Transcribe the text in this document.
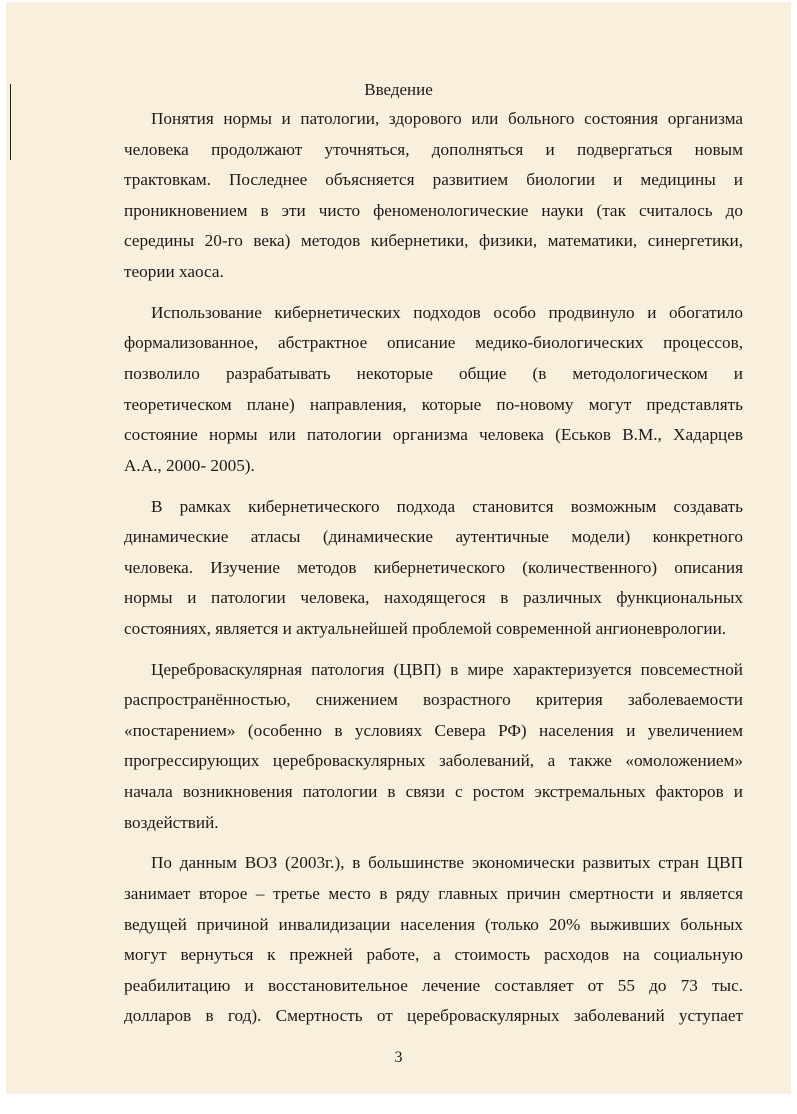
Введение

Понятия нормы и патологии, здорового или больного состояния организма
человека продолжают уточняться, дополняться и подвергаться новым
трактовкам. Последнее объясняется развитием биологии и медицины и
проникновением в эти чисто феноменологические науки (так считалось до
середины 20-го века) методов кибернетики, физики, математики, синергетики,
теории хаоса.

Использование кибернетических подходов особо продвинуло и обогатило
формализованное, абстрактное описание медико-биологических процессов,
позволило разрабатывать некоторые общие (в методологическом и
теоретическом плане) направления, которые по-новому могут представлять
состояние нормы или патологии организма человека (Еськов В.М., Хадарцев
А.А., 2000- 2005).

В рамках кибернетического подхода становится возможным создавать
динамические атласы (динамические аутентичные модели) конкретного
человека. Изучение методов кибернетического (количественного) описания
нормы и патологии человека, находящегося в различных функциональных
состояниях, является и актуальнейшей проблемой современной ангионеврологии.

Цереброваскулярная патология (ЦВП) в мире характеризуется повсеместной
распространённостью, снижением возрастного критерия заболеваемости
«постарением» (особенно в условиях Севера РФ) населения и увеличением
прогрессирующих цереброваскулярных заболеваний, а также «омоложением»
начала возникновения патологии в связи с ростом экстремальных факторов и
воздействий.

По данным ВОЗ (2003г.), в большинстве экономически развитых стран ЦВП
занимает второе – третье место в ряду главных причин смертности и является
ведущей причиной инвалидизации населения (только 20% выживших больных
могут вернуться к прежней работе, а стоимость расходов на социальную
реабилитацию и восстановительное лечение составляет от 55 до 73 тыс.
долларов в год). Смертность от цереброваскулярных заболеваний уступает

3
